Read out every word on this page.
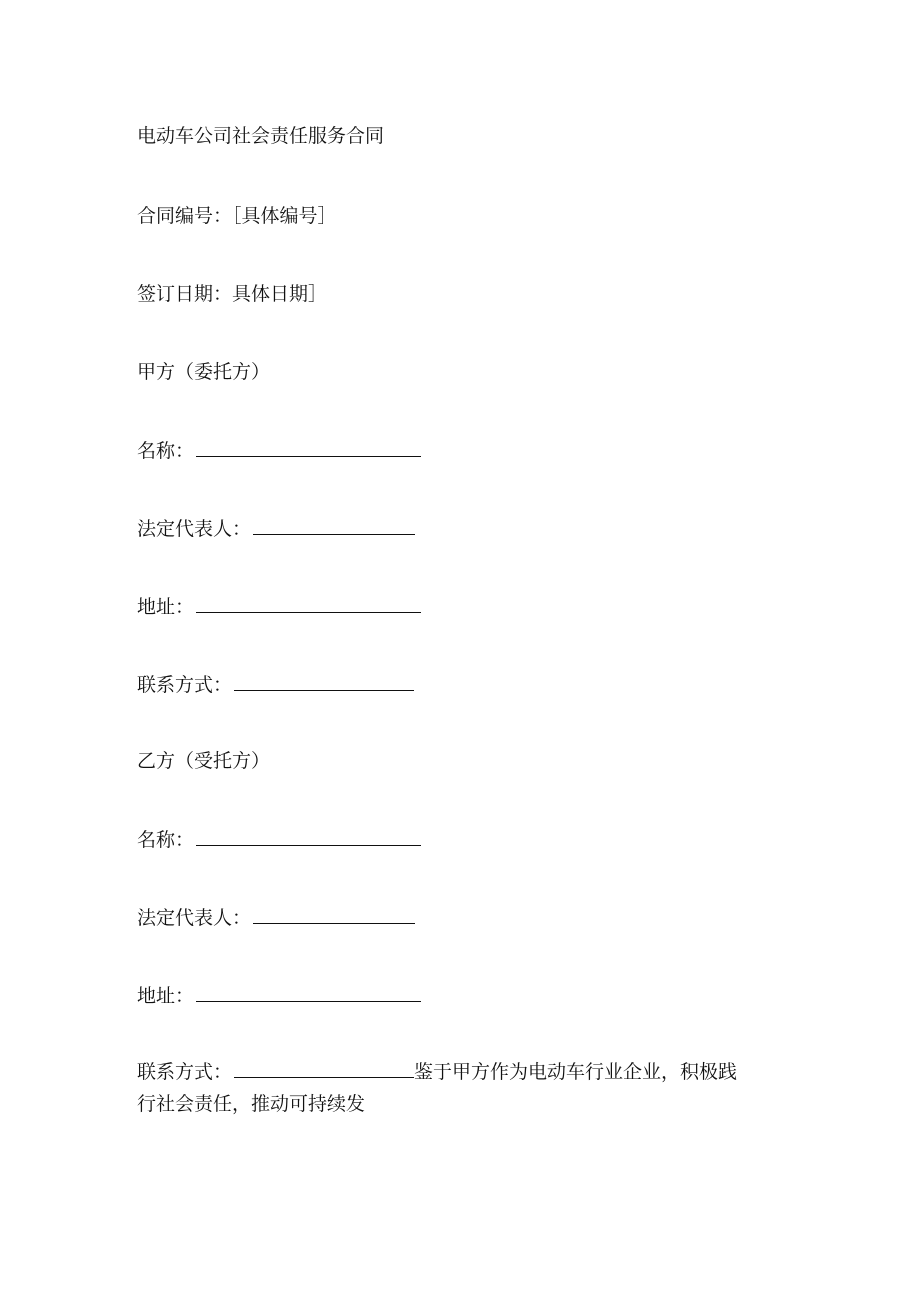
电动车公司社会责任服务合同
合同编号：［具体编号］
签订日期：具体日期］
甲方（委托方）
名称：
法定代表人：
地址：
联系方式：
乙方（受托方）
名称：
法定代表人：
地址：
联系方式：	鉴于甲方作为电动车行业企业，积极践
行社会责任，推动可持续发
